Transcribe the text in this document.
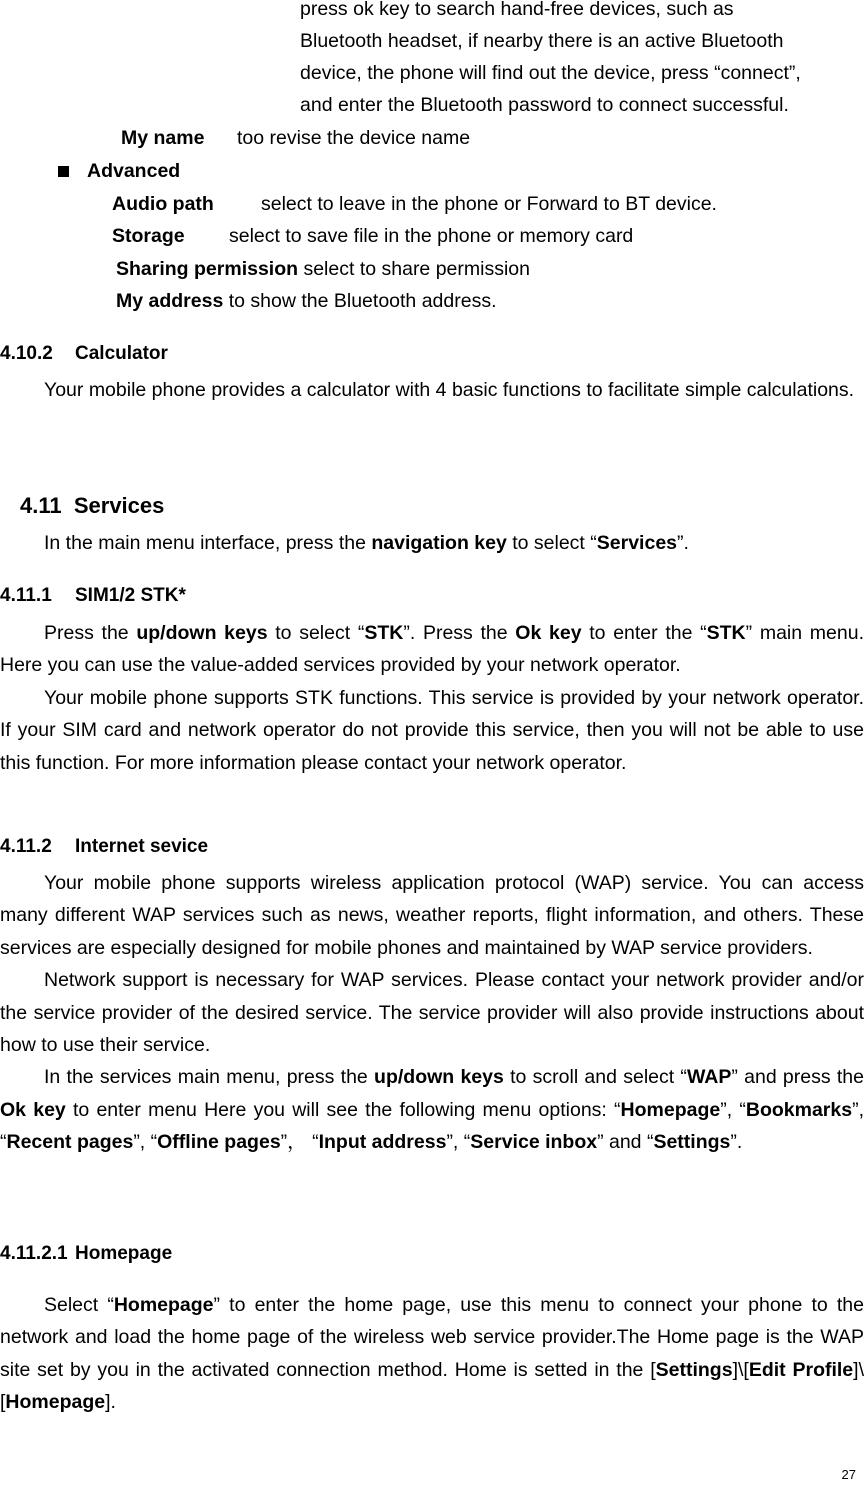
press ok key to search hand-free devices, such as
Bluetooth headset, if nearby there is an active Bluetooth
device, the phone will find out the device, press “connect”,
and enter the Bluetooth password to connect successful.
My name too revise the device name
Advanced
Audio path select to leave in the phone or Forward to BT device.
Storage select to save file in the phone or memory card
Sharing permission select to share permission
My address to show the Bluetooth address.
4.10.2 Calculator
Your mobile phone provides a calculator with 4 basic functions to facilitate simple calculations.
4.11 Services
In the main menu interface, press the navigation key to select “Services”.
4.11.1 SIM1/2 STK*
Press the up/down keys to select “STK”. Press the Ok key to enter the “STK” main menu. Here you can use the value-added services provided by your network operator.
Your mobile phone supports STK functions. This service is provided by your network operator. If your SIM card and network operator do not provide this service, then you will not be able to use this function. For more information please contact your network operator.
4.11.2 Internet sevice
Your mobile phone supports wireless application protocol (WAP) service. You can access many different WAP services such as news, weather reports, flight information, and others. These services are especially designed for mobile phones and maintained by WAP service providers.
Network support is necessary for WAP services. Please contact your network provider and/or the service provider of the desired service. The service provider will also provide instructions about how to use their service.
In the services main menu, press the up/down keys to scroll and select “WAP” and press the Ok key to enter menu Here you will see the following menu options: “Homepage”, “Bookmarks”, “Recent pages”, “Offline pages”， “Input address”, “Service inbox” and “Settings”.
4.11.2.1 Homepage
Select “Homepage” to enter the home page, use this menu to connect your phone to the network and load the home page of the wireless web service provider.The Home page is the WAP site set by you in the activated connection method. Home is setted in the [Settings]\[Edit Profile]\[Homepage].
27
